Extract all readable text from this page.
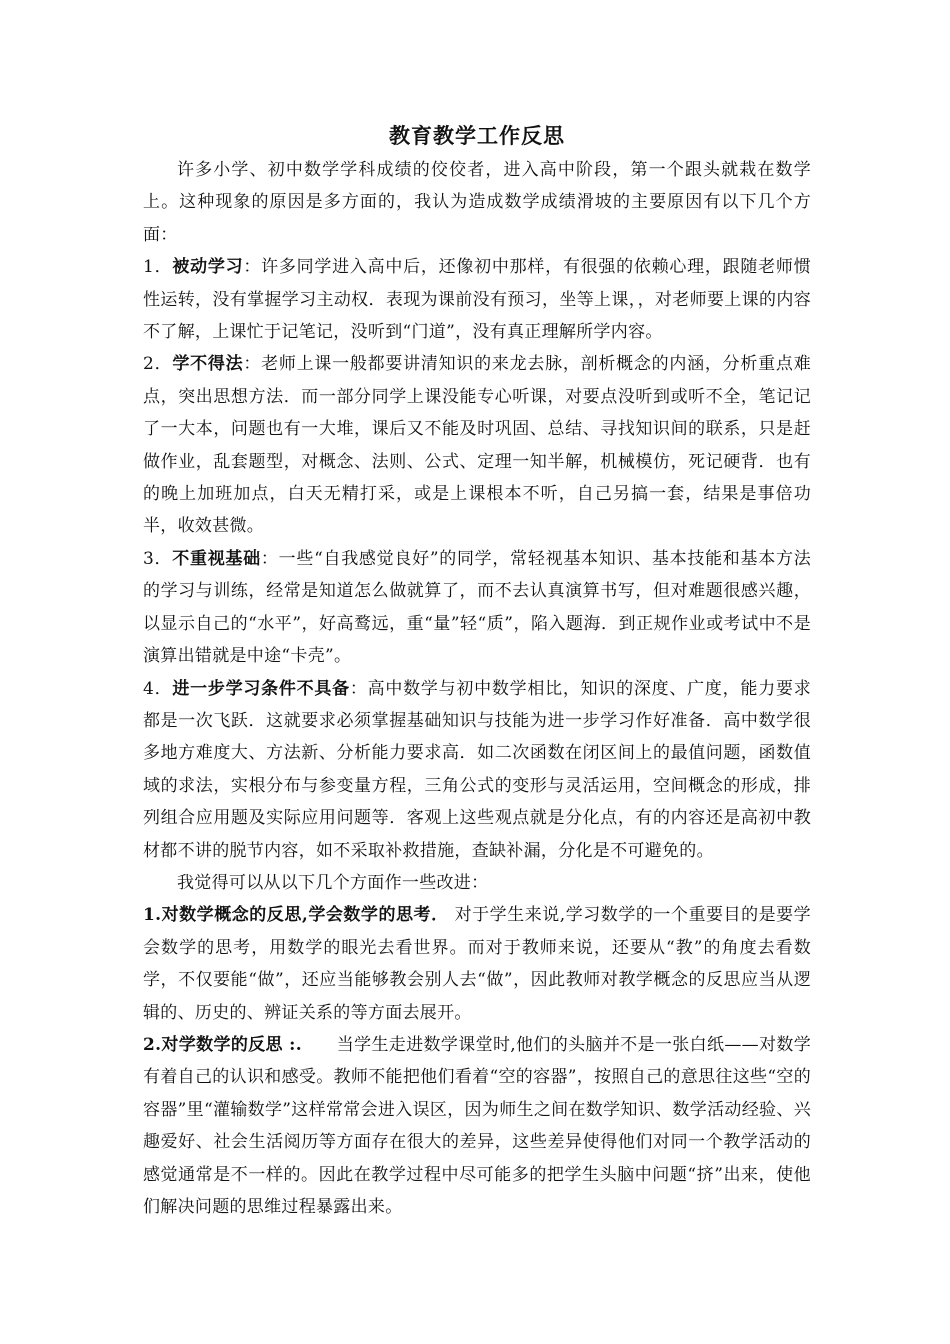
教育教学工作反思

许多小学、初中数学学科成绩的佼佼者，进入高中阶段，第一个跟头就栽在数学上。这种现象的原因是多方面的，我认为造成数学成绩滑坡的主要原因有以下几个方面：

1．被动学习：许多同学进入高中后，还像初中那样，有很强的依赖心理，跟随老师惯性运转，没有掌握学习主动权．表现为课前没有预习，坐等上课，，对老师要上课的内容不了解，上课忙于记笔记，没听到“门道”，没有真正理解所学内容。

2．学不得法：老师上课一般都要讲清知识的来龙去脉，剖析概念的内涵，分析重点难点，突出思想方法．而一部分同学上课没能专心听课，对要点没听到或听不全，笔记记了一大本，问题也有一大堆，课后又不能及时巩固、总结、寻找知识间的联系，只是赶做作业，乱套题型，对概念、法则、公式、定理一知半解，机械模仿，死记硬背．也有的晚上加班加点，白天无精打采，或是上课根本不听，自己另搞一套，结果是事倍功半，收效甚微。

3．不重视基础：一些“自我感觉良好”的同学，常轻视基本知识、基本技能和基本方法的学习与训练，经常是知道怎么做就算了，而不去认真演算书写，但对难题很感兴趣，以显示自己的“水平”，好高鹜远，重“量”轻“质”，陷入题海．到正规作业或考试中不是演算出错就是中途“卡壳”。

4．进一步学习条件不具备：高中数学与初中数学相比，知识的深度、广度，能力要求都是一次飞跃．这就要求必须掌握基础知识与技能为进一步学习作好准备．高中数学很多地方难度大、方法新、分析能力要求高．如二次函数在闭区间上的最值问题，函数值域的求法，实根分布与参变量方程，三角公式的变形与灵活运用，空间概念的形成，排列组合应用题及实际应用问题等．客观上这些观点就是分化点，有的内容还是高初中教材都不讲的脱节内容，如不采取补救措施，查缺补漏，分化是不可避免的。

我觉得可以从以下几个方面作一些改进：

1.对数学概念的反思,学会数学的思考． 对于学生来说,学习数学的一个重要目的是要学会数学的思考，用数学的眼光去看世界。而对于教师来说，还要从“教”的角度去看数学，不仅要能“做”，还应当能够教会别人去“做”，因此教师对教学概念的反思应当从逻辑的、历史的、辨证关系的等方面去展开。

2.对学数学的反思 :.　　当学生走进数学课堂时,他们的头脑并不是一张白纸——对数学有着自己的认识和感受。教师不能把他们看着“空的容器”，按照自己的意思往这些“空的容器”里“灌输数学”这样常常会进入误区，因为师生之间在数学知识、数学活动经验、兴趣爱好、社会生活阅历等方面存在很大的差异，这些差异使得他们对同一个教学活动的感觉通常是不一样的。因此在教学过程中尽可能多的把学生头脑中问题“挤”出来，使他们解决问题的思维过程暴露出来。
